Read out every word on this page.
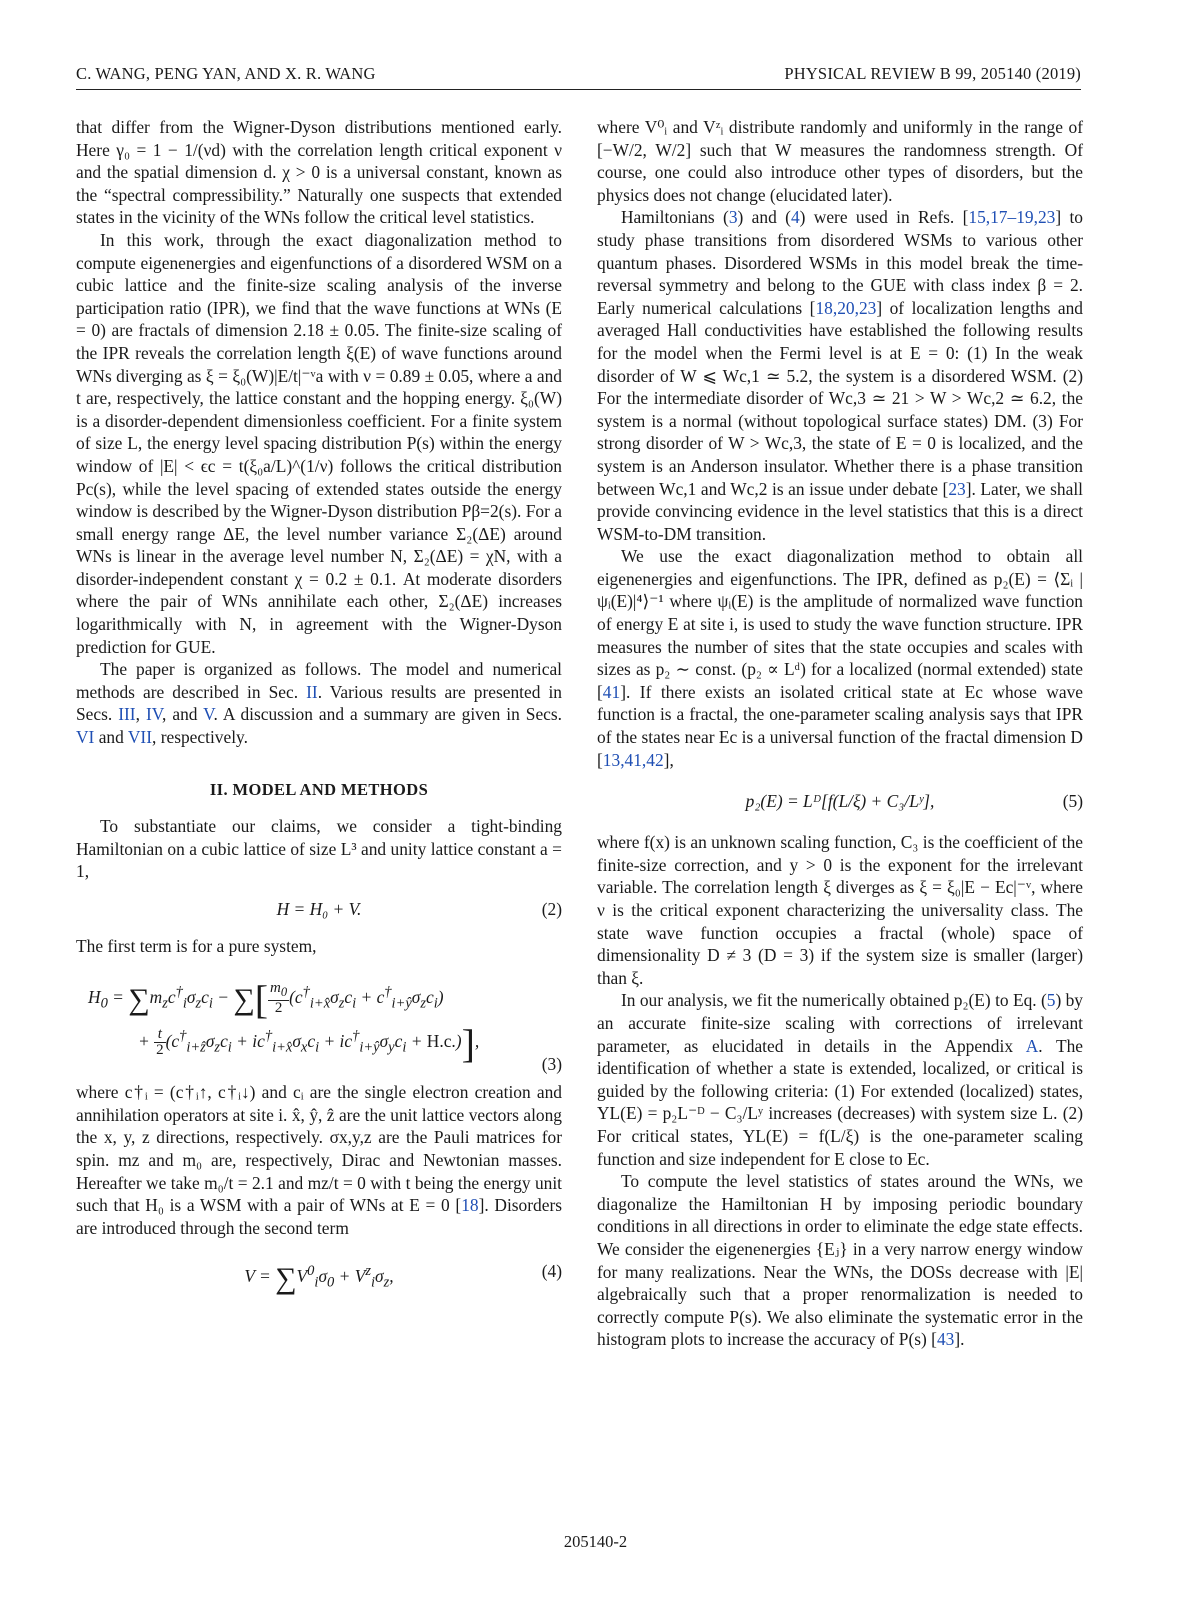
C. WANG, PENG YAN, AND X. R. WANG	PHYSICAL REVIEW B 99, 205140 (2019)

that differ from the Wigner-Dyson distributions mentioned early. Here γ₀ = 1 − 1/(νd) with the correlation length critical exponent ν and the spatial dimension d. χ > 0 is a universal constant, known as the “spectral compressibility.” Naturally one suspects that extended states in the vicinity of the WNs follow the critical level statistics.

In this work, through the exact diagonalization method to compute eigenenergies and eigenfunctions of a disordered WSM on a cubic lattice and the finite-size scaling analysis of the inverse participation ratio (IPR), we find that the wave functions at WNs (E = 0) are fractals of dimension 2.18 ± 0.05. The finite-size scaling of the IPR reveals the correlation length ξ(E) of wave functions around WNs diverging as ξ = ξ₀(W)|E/t|⁻ᵛa with ν = 0.89 ± 0.05, where a and t are, respectively, the lattice constant and the hopping energy. ξ₀(W) is a disorder-dependent dimensionless coefficient. For a finite system of size L, the energy level spacing distribution P(s) within the energy window of |E| < ϵc = t(ξ₀a/L)^(1/ν) follows the critical distribution Pc(s), while the level spacing of extended states outside the energy window is described by the Wigner-Dyson distribution Pβ=2(s). For a small energy range ΔE, the level number variance Σ₂(ΔE) around WNs is linear in the average level number N, Σ₂(ΔE) = χN, with a disorder-independent constant χ = 0.2 ± 0.1. At moderate disorders where the pair of WNs annihilate each other, Σ₂(ΔE) increases logarithmically with N, in agreement with the Wigner-Dyson prediction for GUE.

The paper is organized as follows. The model and numerical methods are described in Sec. II. Various results are presented in Secs. III, IV, and V. A discussion and a summary are given in Secs. VI and VII, respectively.

II. MODEL AND METHODS

To substantiate our claims, we consider a tight-binding Hamiltonian on a cubic lattice of size L³ and unity lattice constant a = 1,

H = H₀ + V.	(2)

The first term is for a pure system,

$H_0 = \sum m_zc^\dagger_i\sigma_zc_i$ − ∑[ $\frac{m_0}{2} (c^\dagger_{i+x̂}\sigma_zc_i + c^\dagger_{i+ŷ}\sigma_zc_i)$
+ $\frac{t}{2} (c^\dagger_{i+ẑ}\sigma_zc_i + ic^\dagger_{i+x̂}\sigma_xc_i + ic^\dagger_{i+ŷ}\sigma_yc_i + H.c.)$],
(3)

where c†ᵢ = (c†ᵢ↑, c†ᵢ↓) and cᵢ are the single electron creation and annihilation operators at site i. x̂, ŷ, ẑ are the unit lattice vectors along the x, y, z directions, respectively. σx,y,z are the Pauli matrices for spin. mz and m₀ are, respectively, Dirac and Newtonian masses. Hereafter we take m₀/t = 2.1 and mz/t = 0 with t being the energy unit such that H₀ is a WSM with a pair of WNs at E = 0 [18]. Disorders are introduced through the second term

$V = \sum V^0_i\sigma_0 + V^z_i\sigma_z$,	(4)

where V⁰ᵢ and Vᶻᵢ distribute randomly and uniformly in the range of [−W/2, W/2] such that W measures the randomness strength. Of course, one could also introduce other types of disorders, but the physics does not change (elucidated later).

Hamiltonians (3) and (4) were used in Refs. [15,17–19,23] to study phase transitions from disordered WSMs to various other quantum phases. Disordered WSMs in this model break the time-reversal symmetry and belong to the GUE with class index β = 2. Early numerical calculations [18,20,23] of localization lengths and averaged Hall conductivities have established the following results for the model when the Fermi level is at E = 0: (1) In the weak disorder of W ⩽ Wc,1 ≃ 5.2, the system is a disordered WSM. (2) For the intermediate disorder of Wc,3 ≃ 21 > W > Wc,2 ≃ 6.2, the system is a normal (without topological surface states) DM. (3) For strong disorder of W > Wc,3, the state of E = 0 is localized, and the system is an Anderson insulator. Whether there is a phase transition between Wc,1 and Wc,2 is an issue under debate [23]. Later, we shall provide convincing evidence in the level statistics that this is a direct WSM-to-DM transition.

We use the exact diagonalization method to obtain all eigenenergies and eigenfunctions. The IPR, defined as p₂(E) = ⟨Σᵢ |ψᵢ(E)|⁴⟩⁻¹ where ψᵢ(E) is the amplitude of normalized wave function of energy E at site i, is used to study the wave function structure. IPR measures the number of sites that the state occupies and scales with sizes as p₂ ∼ const. (p₂ ∝ Lᵈ) for a localized (normal extended) state [41]. If there exists an isolated critical state at Ec whose wave function is a fractal, the one-parameter scaling analysis says that IPR of the states near Ec is a universal function of the fractal dimension D [13,41,42],

p₂(E) = Lᴰ[f(L/ξ) + C₃/Lʸ],	(5)

where f(x) is an unknown scaling function, C₃ is the coefficient of the finite-size correction, and y > 0 is the exponent for the irrelevant variable. The correlation length ξ diverges as ξ = ξ₀|E − Ec|⁻ᵛ, where ν is the critical exponent characterizing the universality class. The state wave function occupies a fractal (whole) space of dimensionality D ≠ 3 (D = 3) if the system size is smaller (larger) than ξ.

In our analysis, we fit the numerically obtained p₂(E) to Eq. (5) by an accurate finite-size scaling with corrections of irrelevant parameter, as elucidated in details in the Appendix A. The identification of whether a state is extended, localized, or critical is guided by the following criteria: (1) For extended (localized) states, YL(E) = p₂L⁻ᴰ − C₃/Lʸ increases (decreases) with system size L. (2) For critical states, YL(E) = f(L/ξ) is the one-parameter scaling function and size independent for E close to Ec.

To compute the level statistics of states around the WNs, we diagonalize the Hamiltonian H by imposing periodic boundary conditions in all directions in order to eliminate the edge state effects. We consider the eigenenergies {Eⱼ} in a very narrow energy window for many realizations. Near the WNs, the DOSs decrease with |E| algebraically such that a proper renormalization is needed to correctly compute P(s). We also eliminate the systematic error in the histogram plots to increase the accuracy of P(s) [43].

205140-2
